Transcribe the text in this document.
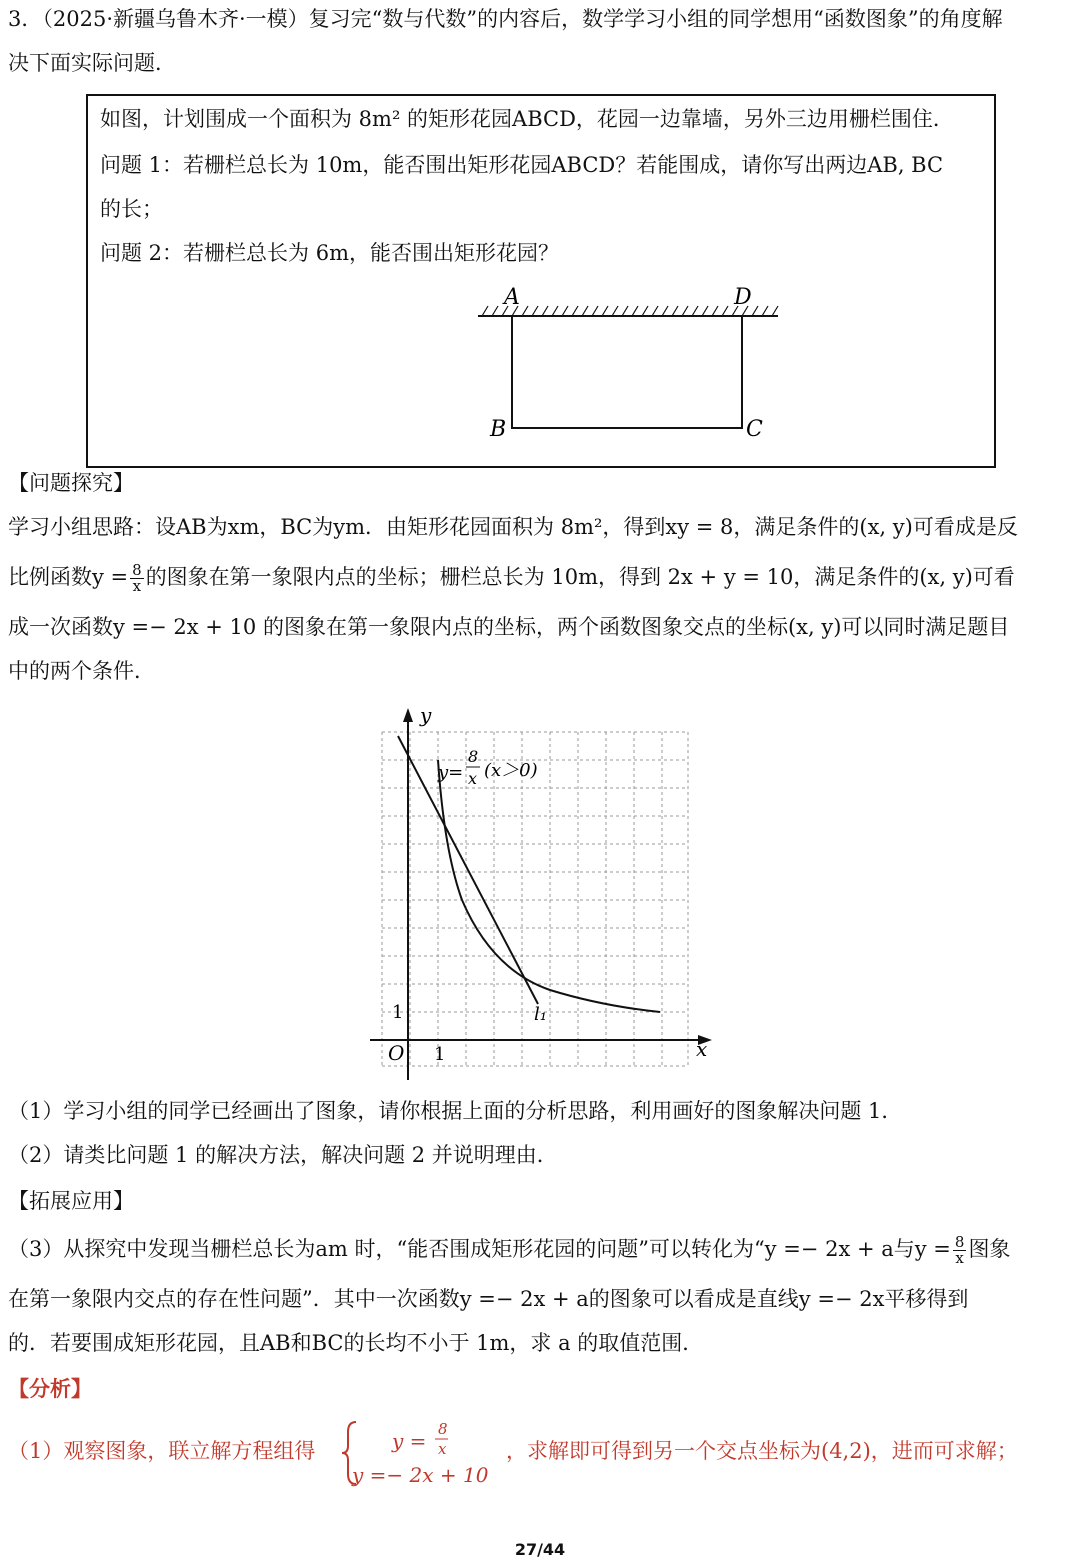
3．（2025·新疆乌鲁木齐·一模）复习完“数与代数”的内容后，数学学习小组的同学想用“函数图象”的角度解
决下面实际问题．
如图，计划围成一个面积为 8m² 的矩形花园ABCD，花园一边靠墙，另外三边用栅栏围住．
问题 1：若栅栏总长为 10m，能否围出矩形花园ABCD？若能围成，请你写出两边AB, BC
的长；
问题 2：若栅栏总长为 6m，能否围出矩形花园？
A	D
B	C
【问题探究】
学习小组思路：设AB为xm，BC为ym．由矩形花园面积为 8m²，得到xy = 8，满足条件的(x, y)可看成是反
比例函数$y = \frac{8}{x}$ 的图象在第一象限内点的坐标；栅栏总长为 10m，得到 2x + y = 10，满足条件的(x, y)可看
成一次函数y =− 2x + 10 的图象在第一象限内点的坐标，两个函数图象交点的坐标(x, y)可以同时满足题目
中的两个条件．
y
x
O 1
1
y=
8
x (x＞0)
l₁
（1）学习小组的同学已经画出了图象，请你根据上面的分析思路，利用画好的图象解决问题 1．
（2）请类比问题 1 的解决方法，解决问题 2 并说明理由．
【拓展应用】
（3）从探究中发现当栅栏总长为am 时，“能否围成矩形花园的问题”可以转化为“y =− 2x + a与$y = \frac{8}{x}$ 图象
在第一象限内交点的存在性问题”．其中一次函数y =− 2x + a的图象可以看成是直线y =− 2x平移得到
的．若要围成矩形花园，且AB和BC的长均不小于 1m，求 a 的取值范围．
【分析】
（1）观察图象，联立解方程组得	y = 8
x
y =− 2x + 10
，求解即可得到另一个交点坐标为(4,2)，进而可求解；
27/44
